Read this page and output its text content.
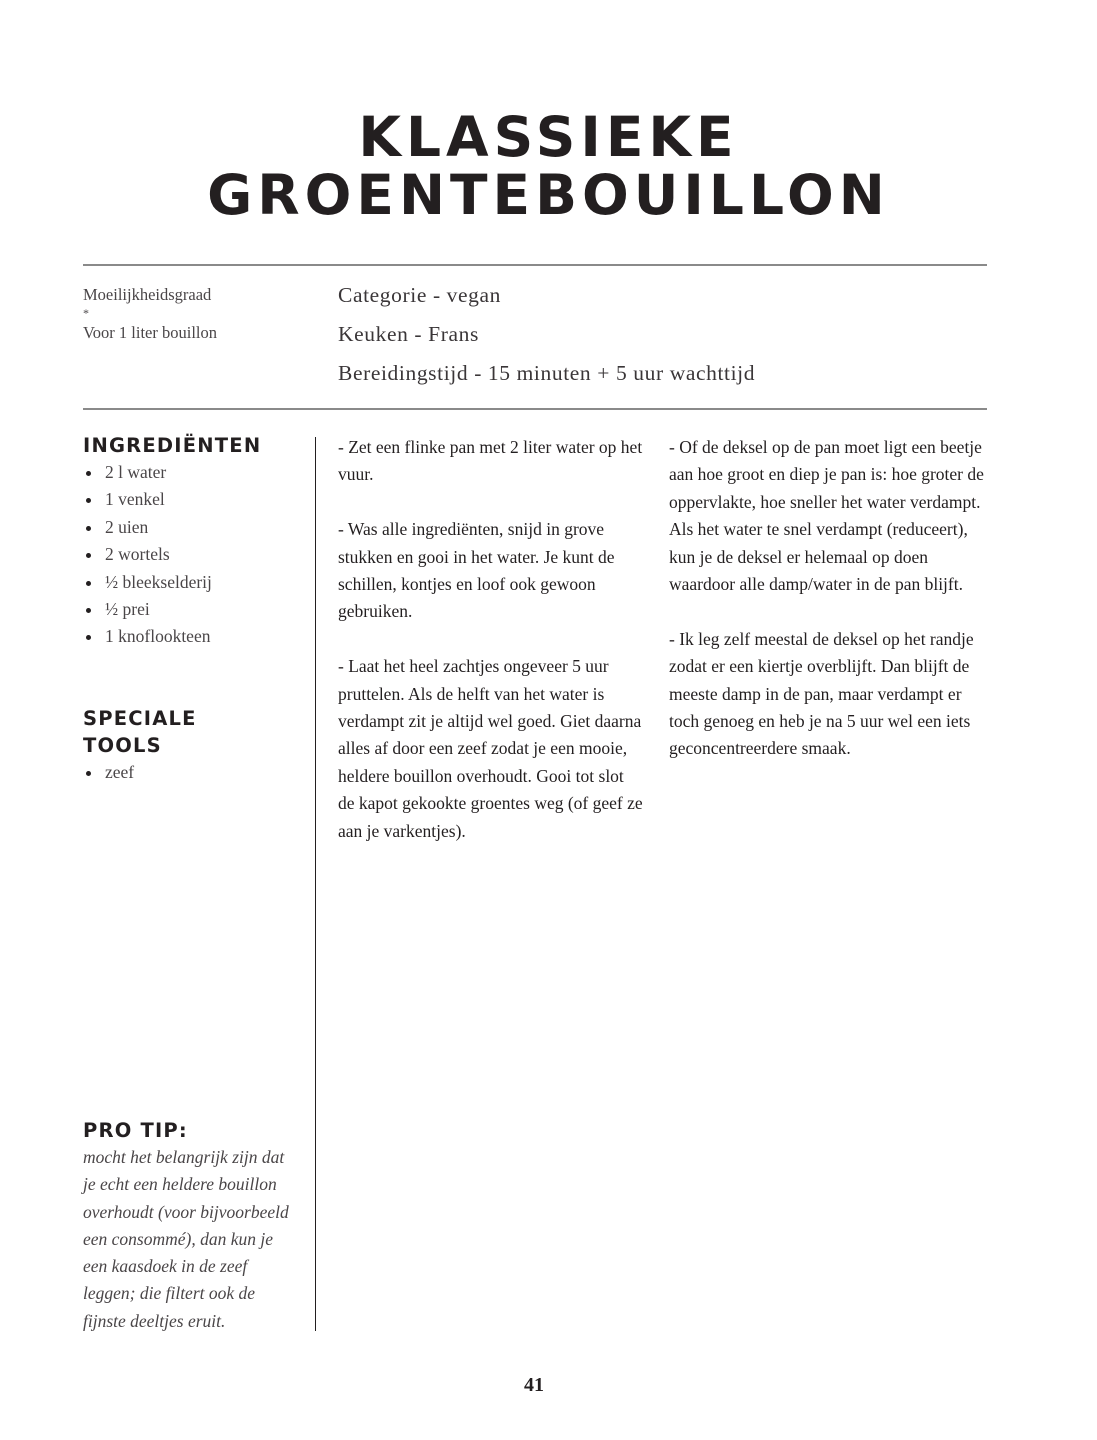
KLASSIEKE
GROENTEBOUILLON
Moeilijkheidsgraad
*
Voor 1 liter bouillon
Categorie - vegan
Keuken - Frans
Bereidingstijd - 15 minuten + 5 uur wachttijd
INGREDIËNTEN
2 l water
1 venkel
2 uien
2 wortels
½ bleekselderij
½ prei
1 knoflookteen
SPECIALE
TOOLS
zeef
PRO TIP:
mocht het belangrijk zijn dat je echt een heldere bouillon overhoudt (voor bijvoorbeeld een consommé), dan kun je een kaasdoek in de zeef leggen; die filtert ook de fijnste deeltjes eruit.

- Zet een flinke pan met 2 liter water op het vuur.

- Was alle ingrediënten, snijd in grove stukken en gooi in het water. Je kunt de schillen, kontjes en loof ook gewoon gebruiken.

- Laat het heel zachtjes ongeveer 5 uur pruttelen. Als de helft van het water is verdampt zit je altijd wel goed. Giet daarna alles af door een zeef zodat je een mooie, heldere bouillon overhoudt. Gooi tot slot de kapot gekookte groentes weg (of geef ze aan je varkentjes).

- Of de deksel op de pan moet ligt een beetje aan hoe groot en diep je pan is: hoe groter de oppervlakte, hoe sneller het water verdampt. Als het water te snel verdampt (reduceert), kun je de deksel er helemaal op doen waardoor alle damp/water in de pan blijft.

- Ik leg zelf meestal de deksel op het randje zodat er een kiertje overblijft. Dan blijft de meeste damp in de pan, maar verdampt er toch genoeg en heb je na 5 uur wel een iets geconcentreerdere smaak.

41
